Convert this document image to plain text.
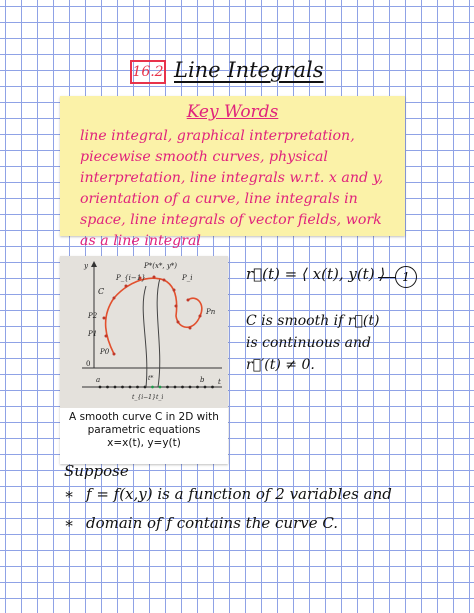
16.2 Line Integrals
Key Words
line integral, graphical interpretation, piecewise smooth curves, physical interpretation, line integrals w.r.t. x and y, orientation of a curve, line integrals in space, line integrals of vector fields, work as a line integral
P*(x*, y*)
P_{i−1}	P_i
C
P2
P1
P0
Pn
0
y
a	b t
t*
t_{i−1} t_i
A smooth curve C in 2D with
parametric equations
x=x(t), y=y(t)
r⃗(t) = ⟨ x(t), y(t) ⟩	1
C is smooth if r⃗(t)
is continuous and
r⃗′(t) ≠ 0.
Suppose
∗ f = f(x,y) is a function of 2 variables and
∗ domain of f contains the curve C.
